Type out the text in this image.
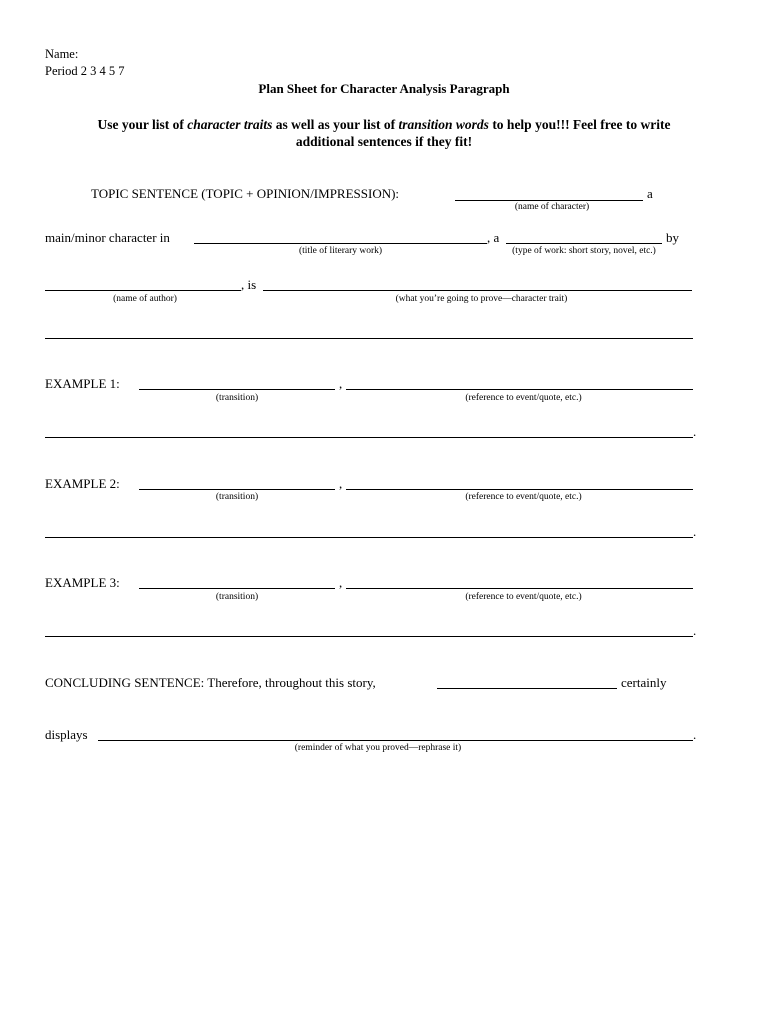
Name:
Period 2 3 4 5 7
Plan Sheet for Character Analysis Paragraph
Use your list of character traits as well as your list of transition words to help you!!! Feel free to write
additional sentences if they fit!
TOPIC SENTENCE (TOPIC + OPINION/IMPRESSION):	a
(name of character)
main/minor character in	, a	by
(title of literary work)	(type of work: short story, novel, etc.)
, is
(name of author)	(what you’re going to prove—character trait)
EXAMPLE 1:	,
(transition)	(reference to event/quote, etc.)
.
EXAMPLE 2:	,
(transition)	(reference to event/quote, etc.)
.
EXAMPLE 3:	,
(transition)	(reference to event/quote, etc.)
.
CONCLUDING SENTENCE: Therefore, throughout this story,	certainly
displays	.
(reminder of what you proved—rephrase it)
